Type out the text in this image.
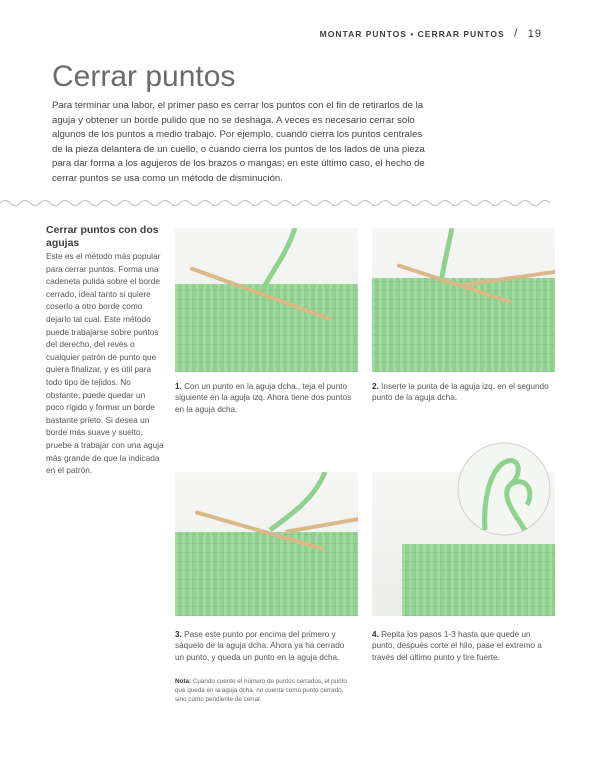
MONTAR PUNTOS • CERRAR PUNTOS / 19
Cerrar puntos
Para terminar una labor, el primer paso es cerrar los puntos con el fin de retirarlos de la aguja y obtener un borde pulido que no se deshaga. A veces es necesario cerrar solo algunos de los puntos a medio trabajo. Por ejemplo, cuando cierra los puntos centrales de la pieza delantera de un cuello, o cuando cierra los puntos de los lados de una pieza para dar forma a los agujeros de los brazos o mangas; en este último caso, el hecho de cerrar puntos se usa como un método de disminución.
Cerrar puntos con dos agujas
Este es el método más popular para cerrar puntos. Forma una cadeneta pulida sobre el borde cerrado, ideal tanto si quiere coserlo a otro borde como dejarlo tal cual. Este método puede trabajarse sobre puntos del derecho, del revés o cualquier patrón de punto que quiera finalizar, y es útil para todo tipo de tejidos. No obstante, puede quedar un poco rígido y formar un borde bastante prieto. Si desea un borde más suave y suelto, pruebe a trabajar con una aguja más grande de que la indicada en el patrón.
1. Con un punto en la aguja dcha., teja el punto siguiente en la aguja izq. Ahora tiene dos puntos en la aguja dcha.
2. Inserte la punta de la aguja izq. en el segundo punto de la aguja dcha.
3. Pase este punto por encima del primero y sáquelo de la aguja dcha. Ahora ya ha cerrado un punto, y queda un punto en la aguja dcha.
4. Repita los pasos 1-3 hasta que quede un punto, después corte el hilo, pase el extremo a través del último punto y tire fuerte.
Nota: Cuando cuente el número de puntos cerrados, el punto que queda en la aguja dcha. no cuenta como punto cerrado, sino como pendiente de cerrar.
